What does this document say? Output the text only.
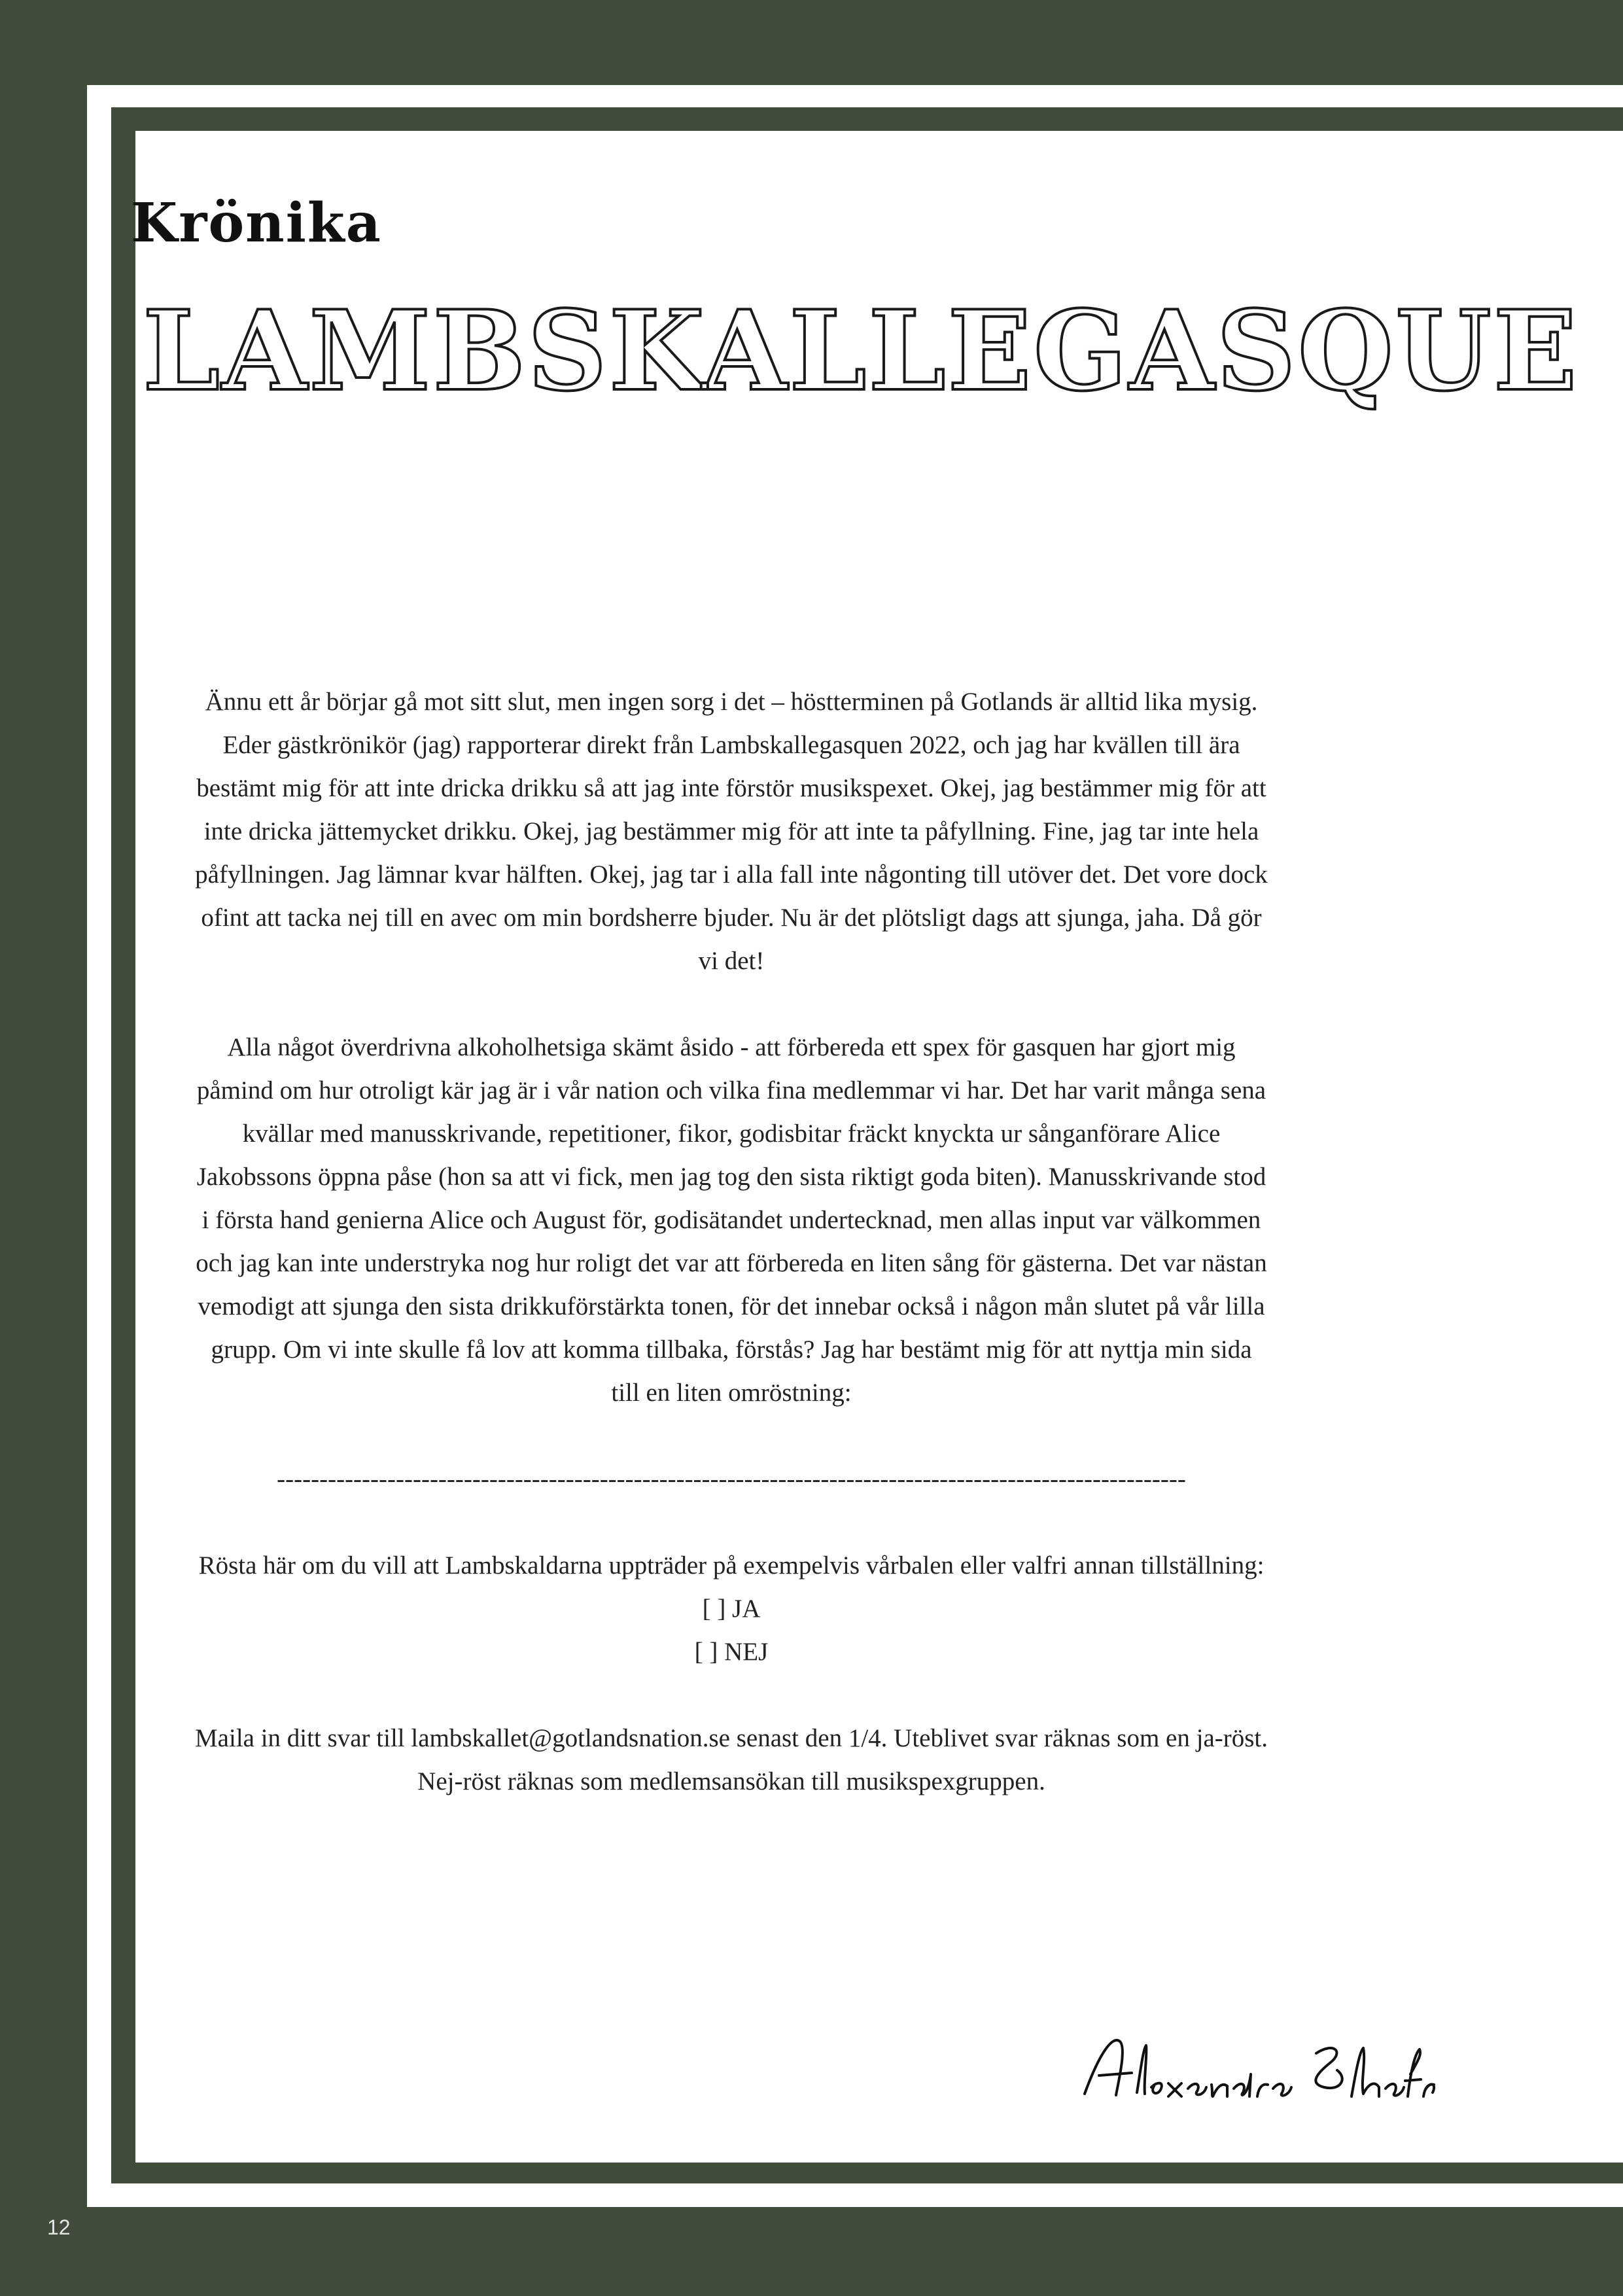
Krönika
LAMBSKALLEGASQUE

Ännu ett år börjar gå mot sitt slut, men ingen sorg i det – höstterminen på Gotlands är alltid lika mysig. Eder gästkrönikör (jag) rapporterar direkt från Lambskallegasquen 2022, och jag har kvällen till ära bestämt mig för att inte dricka drikku så att jag inte förstör musikspexet. Okej, jag bestämmer mig för att inte dricka jättemycket drikku. Okej, jag bestämmer mig för att inte ta påfyllning. Fine, jag tar inte hela påfyllningen. Jag lämnar kvar hälften. Okej, jag tar i alla fall inte någonting till utöver det. Det vore dock ofint att tacka nej till en avec om min bordsherre bjuder. Nu är det plötsligt dags att sjunga, jaha. Då gör vi det!

Alla något överdrivna alkoholhetsiga skämt åsido - att förbereda ett spex för gasquen har gjort mig påmind om hur otroligt kär jag är i vår nation och vilka fina medlemmar vi har. Det har varit många sena kvällar med manusskrivande, repetitioner, fikor, godisbitar fräckt knyckta ur sånganförare Alice Jakobssons öppna påse (hon sa att vi fick, men jag tog den sista riktigt goda biten). Manusskrivande stod i första hand genierna Alice och August för, godisätandet undertecknad, men allas input var välkommen och jag kan inte understryka nog hur roligt det var att förbereda en liten sång för gästerna. Det var nästan vemodigt att sjunga den sista drikkuförstärkta tonen, för det innebar också i någon mån slutet på vår lilla grupp. Om vi inte skulle få lov att komma tillbaka, förstås? Jag har bestämt mig för att nyttja min sida till en liten omröstning:

-----------------------------------------------------------------------------------------------------------

Rösta här om du vill att Lambskaldarna uppträder på exempelvis vårbalen eller valfri annan tillställning:

[ ] JA
[ ] NEJ

Maila in ditt svar till lambskallet@gotlandsnation.se senast den 1/4. Uteblivet svar räknas som en ja-röst. Nej-röst räknas som medlemsansökan till musikspexgruppen.

12
